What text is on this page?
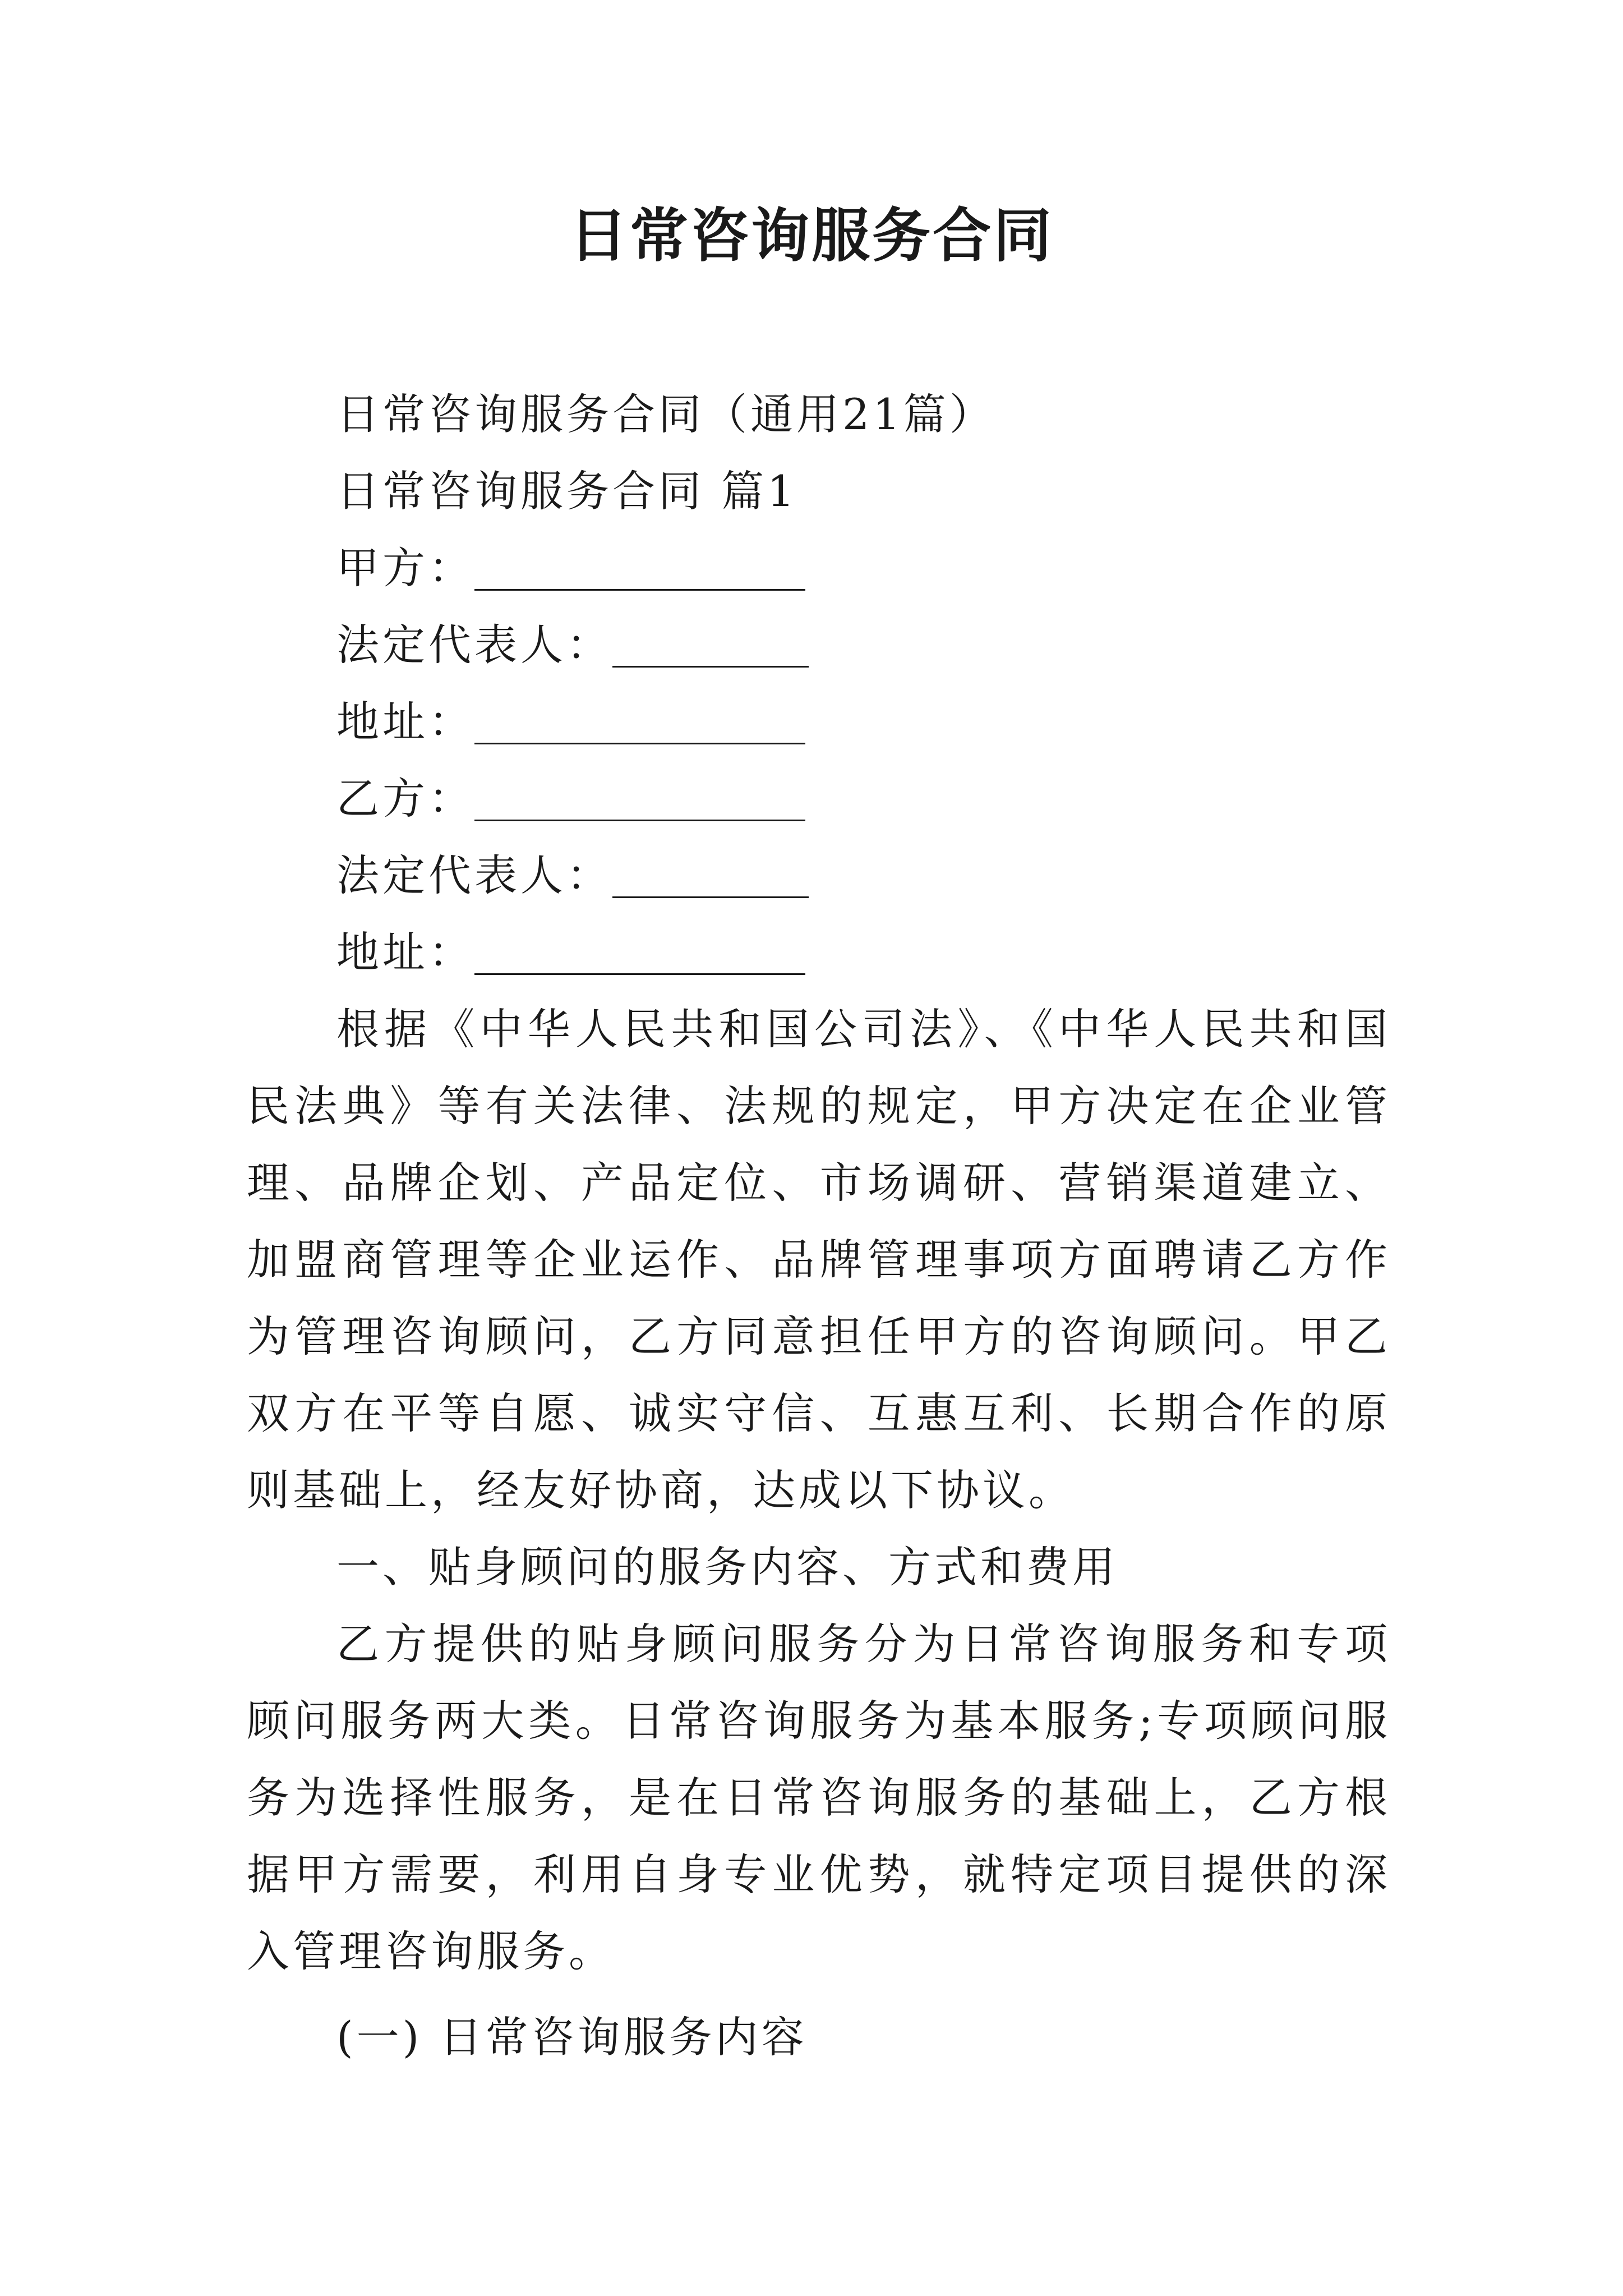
日常咨询服务合同
日常咨询服务合同（通用21篇）
日常咨询服务合同 篇1
甲方：
法定代表人：
地址：
乙方：
法定代表人：
地址：

根据《中华人民共和国公司法》、《中华人民共和国民法典》等有关法律、法规的规定，甲方决定在企业管理、品牌企划、产品定位、市场调研、营销渠道建立、加盟商管理等企业运作、品牌管理事项方面聘请乙方作为管理咨询顾问，乙方同意担任甲方的咨询顾问。甲乙双方在平等自愿、诚实守信、互惠互利、长期合作的原则基础上，经友好协商，达成以下协议。

一、贴身顾问的服务内容、方式和费用

乙方提供的贴身顾问服务分为日常咨询服务和专项顾问服务两大类。日常咨询服务为基本服务;专项顾问服务为选择性服务，是在日常咨询服务的基础上，乙方根据甲方需要，利用自身专业优势，就特定项目提供的深入管理咨询服务。

(一) 日常咨询服务内容
